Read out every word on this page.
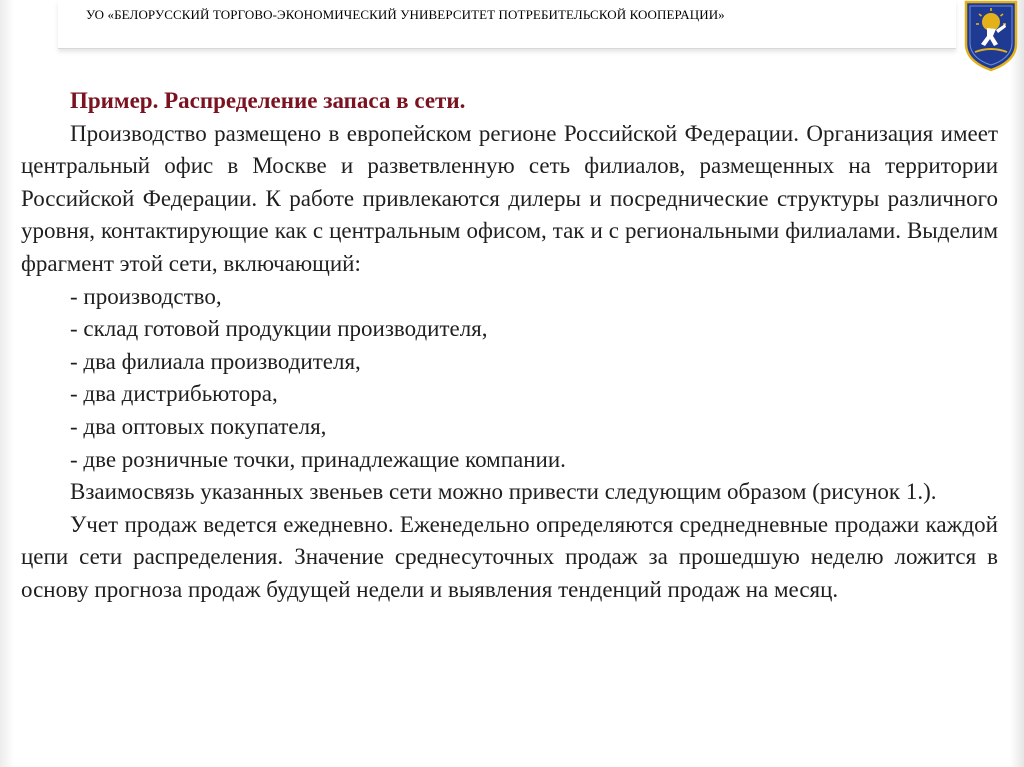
УО «БЕЛОРУССКИЙ ТОРГОВО-ЭКОНОМИЧЕСКИЙ УНИВЕРСИТЕТ ПОТРЕБИТЕЛЬСКОЙ КООПЕРАЦИИ»

Пример. Распределение запаса в сети.

Производство размещено в европейском регионе Российской Федерации. Организация имеет центральный офис в Москве и разветвленную сеть филиалов, размещенных на территории Российской Федерации. К работе привлекаются дилеры и посреднические структуры различного уровня, контактирующие как с центральным офисом, так и с региональными филиалами. Выделим фрагмент этой сети, включающий:

- производство,

- склад готовой продукции производителя,

- два филиала производителя,

- два дистрибьютора,

- два оптовых покупателя,

- две розничные точки, принадлежащие компании.

Взаимосвязь указанных звеньев сети можно привести следующим образом (рисунок 1.).

Учет продаж ведется ежедневно. Еженедельно определяются среднедневные продажи каждой цепи сети распределения. Значение среднесуточных продаж за прошедшую неделю ложится в основу прогноза продаж будущей недели и выявления тенденций продаж на месяц.
